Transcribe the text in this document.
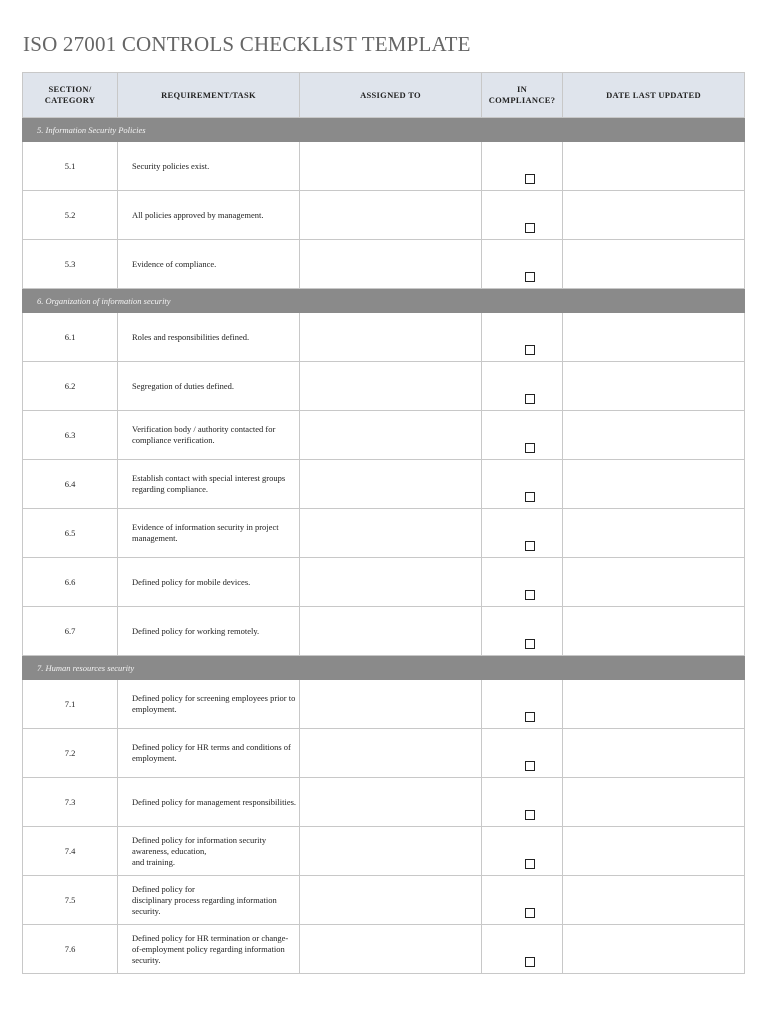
ISO 27001 CONTROLS CHECKLIST TEMPLATE
SECTION/
CATEGORY	REQUIREMENT/TASK	ASSIGNED TO	IN
COMPLIANCE?	DATE LAST UPDATED
5. Information Security Policies				
5.1	Security policies exist.		

5.2	All policies approved by management.		

5.3	Evidence of compliance.		

6. Organization of information security				
6.1	Roles and responsibilities defined.		

6.2	Segregation of duties defined.		

6.3	Verification body / authority contacted for compliance verification.		

6.4	Establish contact with special interest groups regarding compliance.		

6.5	Evidence of information security in project management.		

6.6	Defined policy for mobile devices.		

6.7	Defined policy for working remotely.		

7. Human resources security				
7.1	Defined policy for screening employees prior to employment.		

7.2	Defined policy for HR terms and conditions of employment.		

7.3	Defined policy for management responsibilities.		

7.4	Defined policy for information security awareness, education,
and training.		

7.5	Defined policy for
disciplinary process regarding information security.		

7.6	Defined policy for HR termination or change-of-employment policy regarding information security.		
